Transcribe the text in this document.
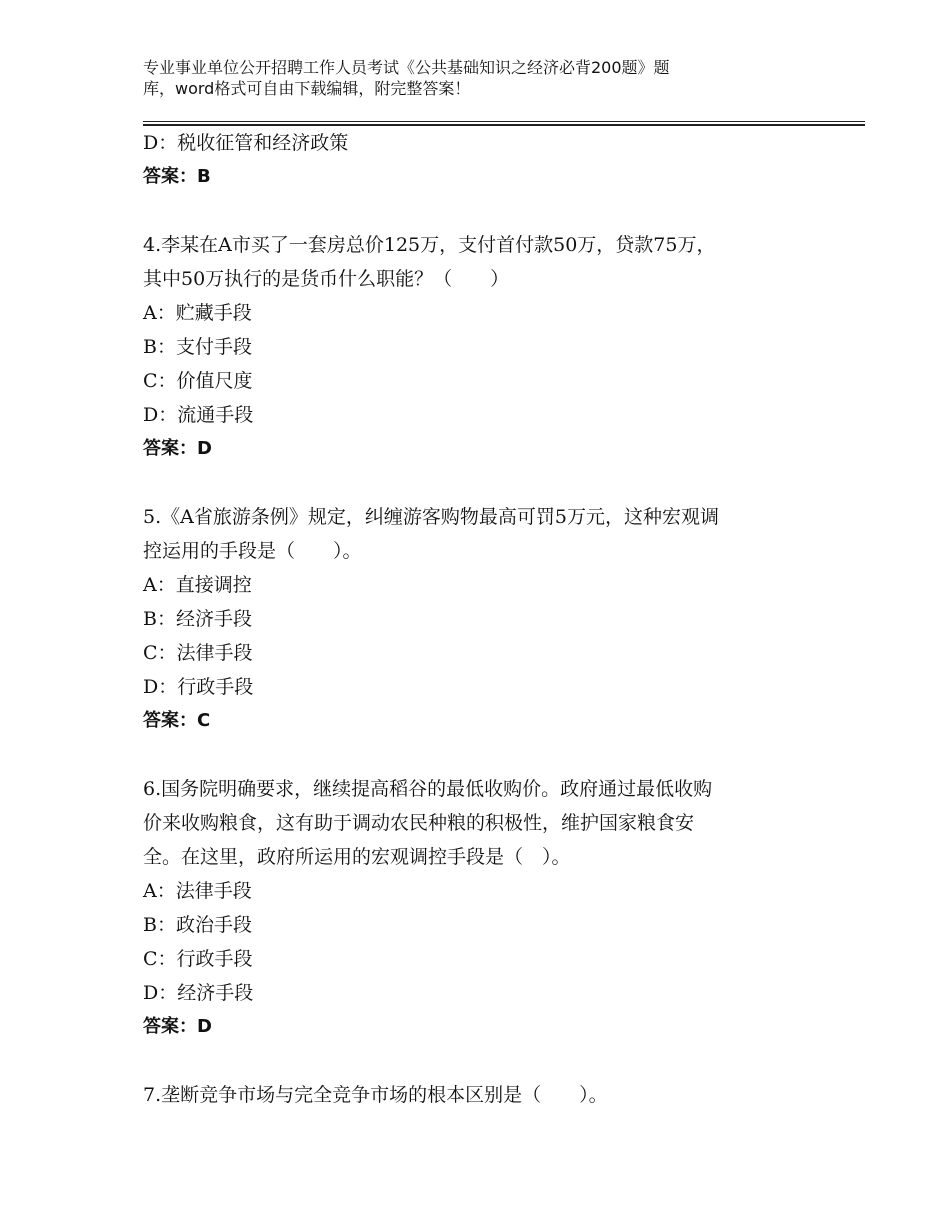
专业事业单位公开招聘工作人员考试《公共基础知识之经济必背200题》题
库，word格式可自由下载编辑，附完整答案！
D：税收征管和经济政策
答案：B
4.李某在A市买了一套房总价125万，支付首付款50万，贷款75万，
其中50万执行的是货币什么职能？（　　）
A：贮藏手段
B：支付手段
C：价值尺度
D：流通手段
答案：D
5.《A省旅游条例》规定，纠缠游客购物最高可罚5万元，这种宏观调
控运用的手段是（　　）。
A：直接调控
B：经济手段
C：法律手段
D：行政手段
答案：C
6.国务院明确要求，继续提高稻谷的最低收购价。政府通过最低收购
价来收购粮食，这有助于调动农民种粮的积极性，维护国家粮食安
全。在这里，政府所运用的宏观调控手段是（　）。
A：法律手段
B：政治手段
C：行政手段
D：经济手段
答案：D
7.垄断竞争市场与完全竞争市场的根本区别是（　　）。
